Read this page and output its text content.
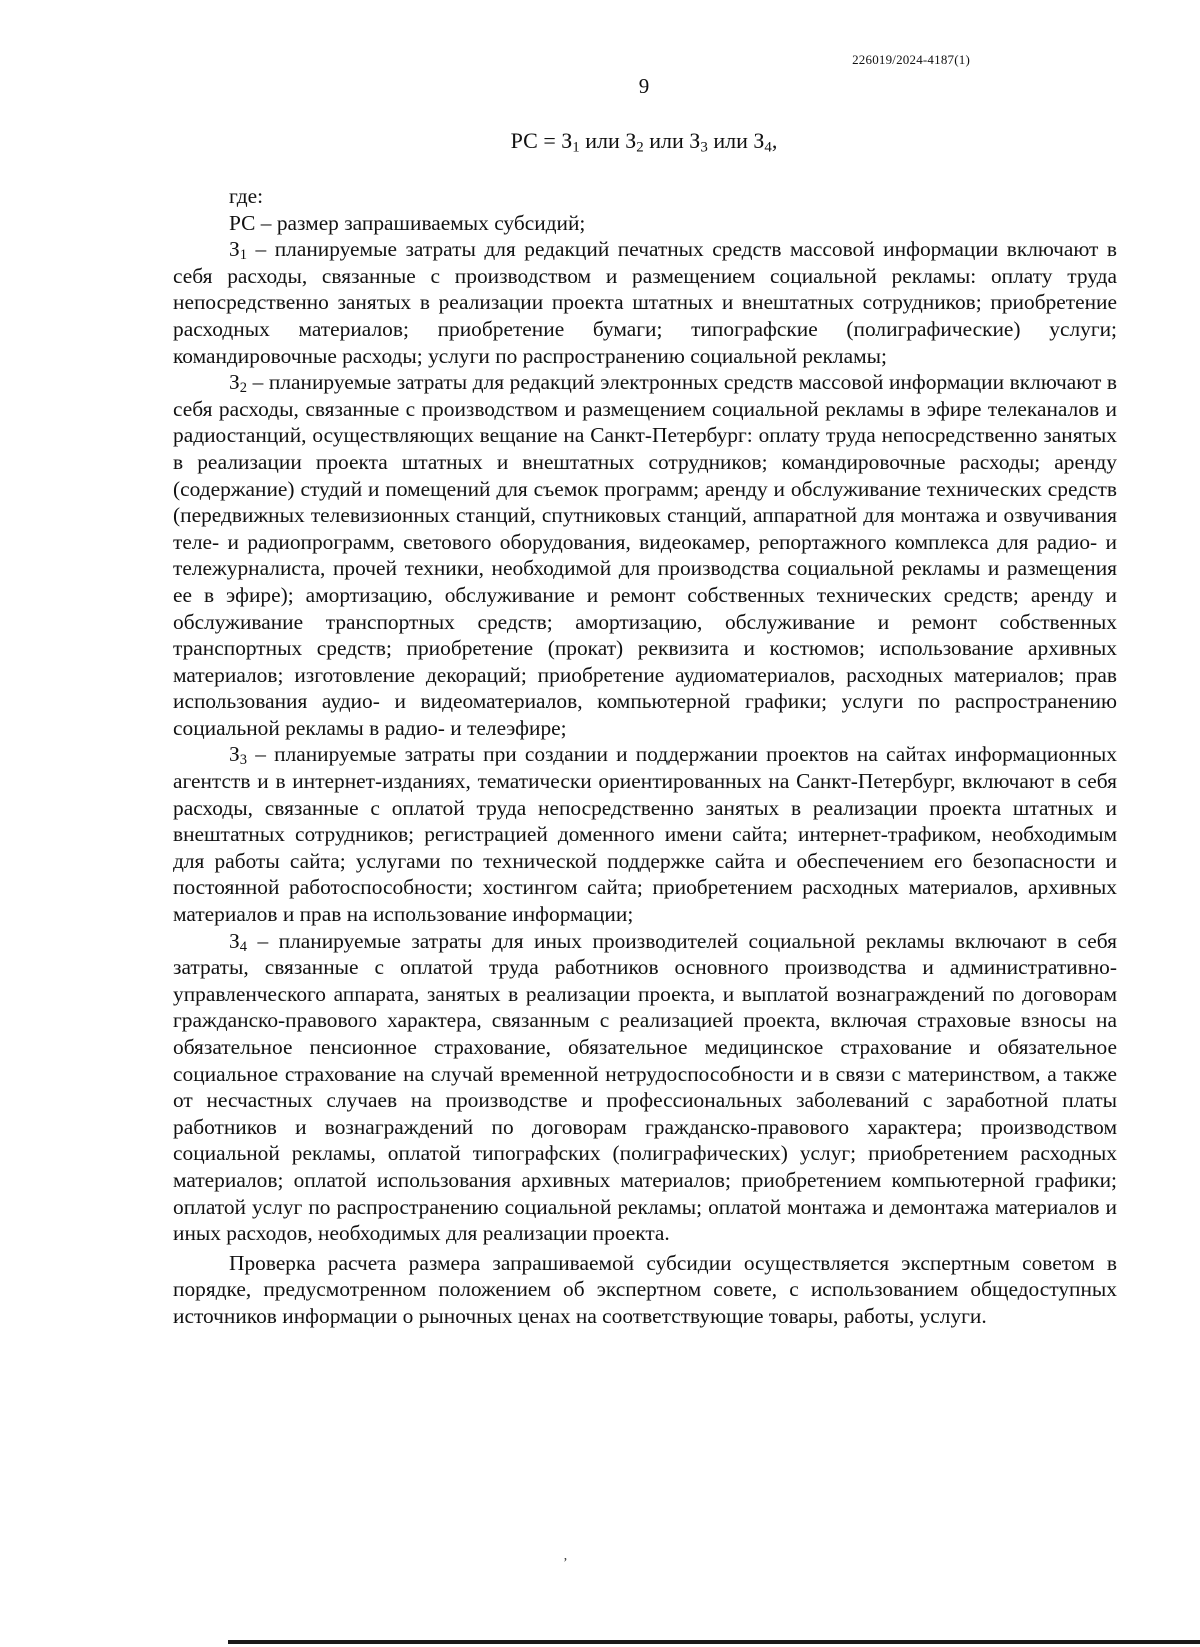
226019/2024-4187(1)
9
РС = $З_1$ или $З_2$ или $З_3$ или $З_4$,

где:

РС – размер запрашиваемых субсидий;

$З_1$ – планируемые затраты для редакций печатных средств массовой информации включают в себя расходы, связанные с производством и размещением социальной рекламы: оплату труда непосредственно занятых в реализации проекта штатных и внештатных сотрудников; приобретение расходных материалов; приобретение бумаги; типографские (полиграфические) услуги; командировочные расходы; услуги по распространению социальной рекламы;

$З_2$ – планируемые затраты для редакций электронных средств массовой информации включают в себя расходы, связанные с производством и размещением социальной рекламы в эфире телеканалов и радиостанций, осуществляющих вещание на Санкт-Петербург: оплату труда непосредственно занятых в реализации проекта штатных и внештатных сотрудников; командировочные расходы; аренду (содержание) студий и помещений для съемок программ; аренду и обслуживание технических средств (передвижных телевизионных станций, спутниковых станций, аппаратной для монтажа и озвучивания теле- и радиопрограмм, светового оборудования, видеокамер, репортажного комплекса для радио- и тележурналиста, прочей техники, необходимой для производства социальной рекламы и размещения ее в эфире); амортизацию, обслуживание и ремонт собственных технических средств; аренду и обслуживание транспортных средств; амортизацию, обслуживание и ремонт собственных транспортных средств; приобретение (прокат) реквизита и костюмов; использование архивных материалов; изготовление декораций; приобретение аудиоматериалов, расходных материалов; прав использования аудио- и видеоматериалов, компьютерной графики; услуги по распространению социальной рекламы в радио- и телеэфире;

$З_3$ – планируемые затраты при создании и поддержании проектов на сайтах информационных агентств и в интернет-изданиях, тематически ориентированных на Санкт-Петербург, включают в себя расходы, связанные с оплатой труда непосредственно занятых в реализации проекта штатных и внештатных сотрудников; регистрацией доменного имени сайта; интернет-трафиком, необходимым для работы сайта; услугами по технической поддержке сайта и обеспечением его безопасности и постоянной работоспособности; хостингом сайта; приобретением расходных материалов, архивных материалов и прав на использование информации;

$З_4$ – планируемые затраты для иных производителей социальной рекламы включают в себя затраты, связанные с оплатой труда работников основного производства и административно-управленческого аппарата, занятых в реализации проекта, и выплатой вознаграждений по договорам гражданско-правового характера, связанным с реализацией проекта, включая страховые взносы на обязательное пенсионное страхование, обязательное медицинское страхование и обязательное социальное страхование на случай временной нетрудоспособности и в связи с материнством, а также от несчастных случаев на производстве и профессиональных заболеваний с заработной платы работников и вознаграждений по договорам гражданско-правового характера; производством социальной рекламы, оплатой типографских (полиграфических) услуг; приобретением расходных материалов; оплатой использования архивных материалов; приобретением компьютерной графики; оплатой услуг по распространению социальной рекламы; оплатой монтажа и демонтажа материалов и иных расходов, необходимых для реализации проекта.

Проверка расчета размера запрашиваемой субсидии осуществляется экспертным советом в порядке, предусмотренном положением об экспертном совете, с использованием общедоступных источников информации о рыночных ценах на соответствующие товары, работы, услуги.

ʼ
